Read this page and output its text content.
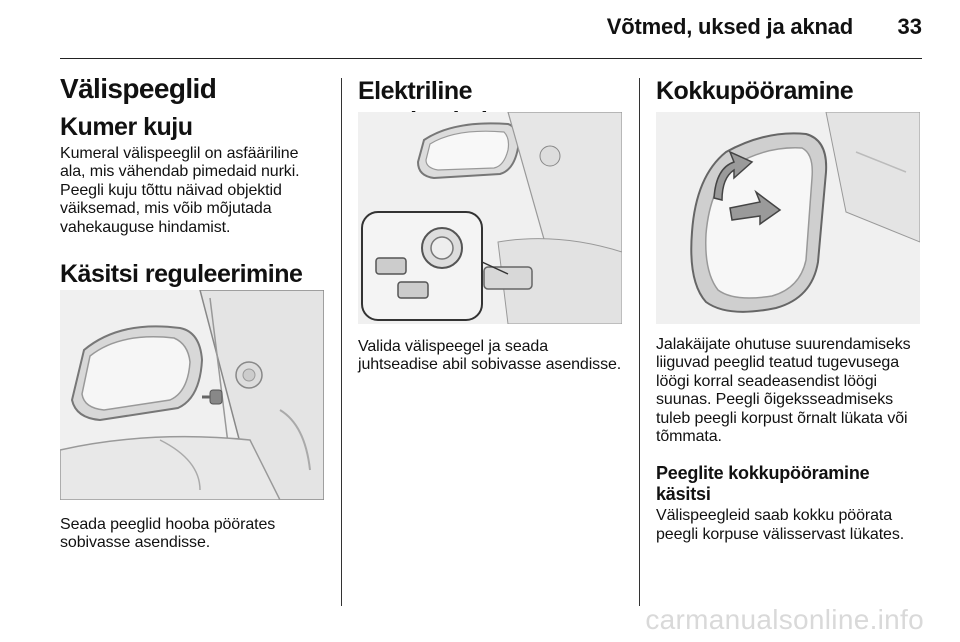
Võtmed, uksed ja aknad 33
Välispeeglid
Kumer kuju

Kumeral välispeeglil on asfääriline ala, mis vähendab pimedaid nurki. Peegli kuju tõttu näivad objektid väiksemad, mis võib mõjutada vahekauguse hindamist.

Käsitsi reguleerimine

Seada peeglid hooba pöörates sobivasse asendisse.

Elektriline

Valida välispeegel ja seada juhtseadise abil sobivasse asendisse.

Kokkupööramine

Jalakäijate ohutuse suurendamiseks liiguvad peeglid teatud tugevusega löögi korral seadeasendist löögi suunas. Peegli õigeksseadmiseks tuleb peegli korpust õrnalt lükata või tõmmata.

Peeglite kokkupööramine käsitsi

Välispeegleid saab kokku pöörata peegli korpuse välisservast lükates.

carmanualsonline.info
